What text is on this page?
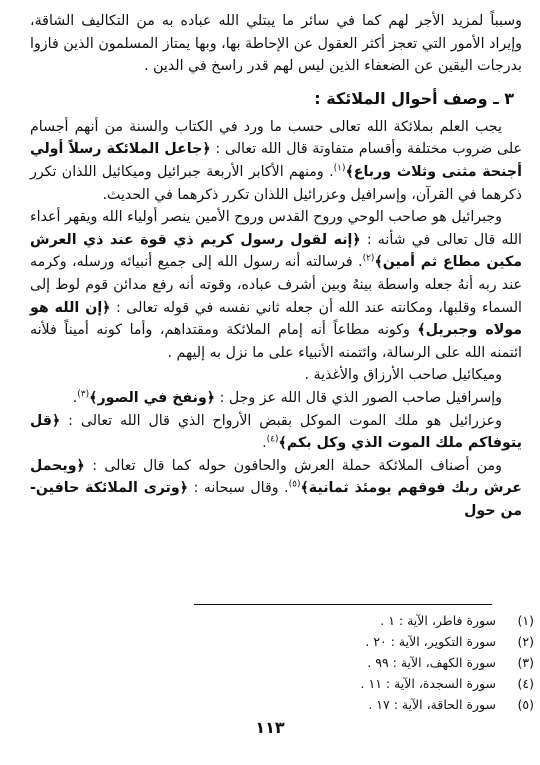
وسبباً لمزيد الأجر لهم كما في سائر ما يبتلي الله عباده به من التكاليف الشاقة، وإيراد الأمور التي تعجز أكثر العقول عن الإحاطة بها، وبها يمتاز المسلمون الذين فازوا بدرجات اليقين عن الضعفاء الذين ليس لهم قدر راسخ في الدين .

٣ ـ وصف أحوال الملائكة :

يجب العلم بملائكة الله تعالى حسب ما ورد في الكتاب والسنة من أنهم أجسام على ضروب مختلفة وأقسام متفاوتة قال الله تعالى : ﴿جاعل الملائكة رسلاً أولي أجنحة مثنى وثلاث ورباع﴾$^{(١)}$. ومنهم الأكابر الأربعة جبرائيل وميكائيل اللذان تكرر ذكرهما في القرآن، وإسرافيل وعزرائيل اللذان تكرر ذكرهما في الحديث.

وجبرائيل هو صاحب الوحي وروح القدس وروح الأمين ينصر أولياء الله ويقهر أعداء الله قال تعالى في شأنه : ﴿إنه لقول رسول كريم ذي قوة عند ذي العرش مكين مطاع ثم أمين﴾$^{(٢)}$. فرسالته أنه رسول الله إلى جميع أنبيائه ورسله، وكرمه عند ربه أنهُ جعله واسطة بينهُ وبين أشرف عباده، وقوته أنه رفع مدائن قوم لوط إلى السماء وقلبها، ومكانته عند الله أن جعله ثاني نفسه في قوله تعالى : ﴿إن الله هو مولاه وجبريل﴾ وكونه مطاعاً أنه إمام الملائكة ومقتداهم، وأما كونه أميناً فلأنه ائتمنه الله على الرسالة، وائتمنه الأنبياء على ما نزل به إليهم .

وميكائيل صاحب الأرزاق والأغذية .

وإسرافيل صاحب الصور الذي قال الله عز وجل : ﴿ونفخ في الصور﴾$^{(٣)}$.

وعزرائيل هو ملك الموت الموكل بقبض الأرواح الذي قال الله تعالى : ﴿قل يتوفاكم ملك الموت الذي وكل بكم﴾$^{(٤)}$.

ومن أصناف الملائكة حملة العرش والحافون حوله كما قال تعالى : ﴿ويحمل عرش ربك فوقهم يومئذ ثمانية﴾$^{(٥)}$. وقال سبحانه : ﴿وترى الملائكة حافين-من حول

(١)
سورة فاطر، الآية : ١ .
(٢)
سورة التكوير، الآية : ٢٠ .
(٣)
سورة الكهف، الآية : ٩٩ .
(٤)
سورة السجدة، الآية : ١١ .
(٥)
سورة الحاقة، الآية : ١٧ .
١١٣
